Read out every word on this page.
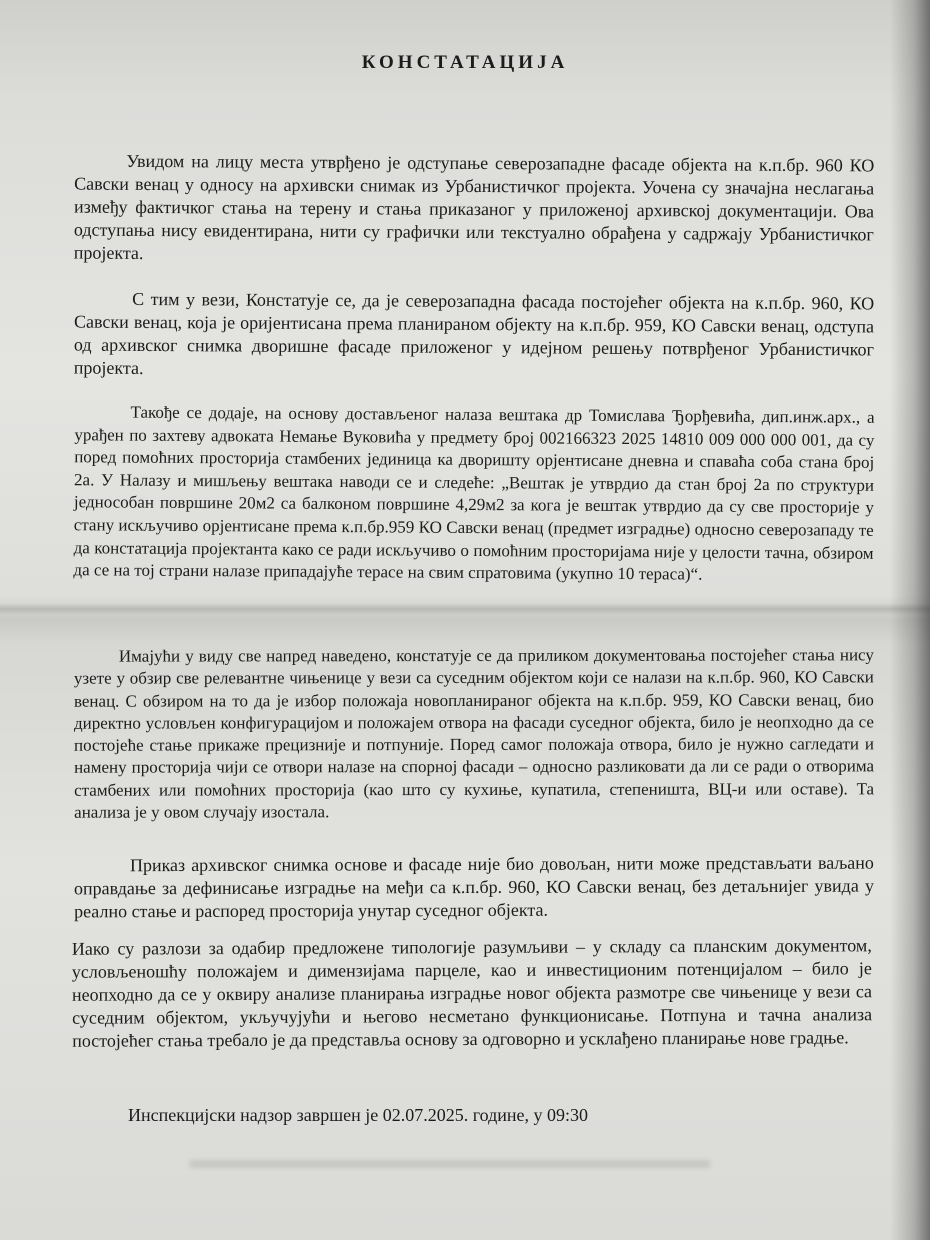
КОНСТАТАЦИЈА
Увидом на лицу места утврђено је одступање северозападне фасаде објекта на к.п.бр. 960 КО Савски венац у односу на архивски снимак из Урбанистичког пројекта. Уочена су значајна неслагања између фактичког стања на терену и стања приказаног у приложеној архивској документацији. Ова одступања нису евидентирана, нити су графички или текстуално обрађена у садржају Урбанистичког пројекта.
С тим у вези, Констатује се, да је северозападна фасада постојећег објекта на к.п.бр. 960, КО Савски венац, која је оријентисана према планираном објекту на к.п.бр. 959, КО Савски венац, одступа од архивског снимка дворишне фасаде приложеног у идејном решењу потврђеног Урбанистичког пројекта.
Такође се додаје, на основу достављеног налаза вештака др Томислава Ђорђевића, дип.инж.арх., а урађен по захтеву адвоката Немање Вуковића у предмету број 002166323 2025 14810 009 000 000 001, да су поред помоћних просторија стамбених јединица ка дворишту орјентисане дневна и спаваћа соба стана број 2а. У Налазу и мишљењу вештака наводи се и следеће: „Вештак је утврдио да стан број 2а по структури једнособан површине 20м2 са балконом површине 4,29м2 за кога је вештак утврдио да су све просторије у стану искључиво орјентисане према к.п.бр.959 КО Савски венац (предмет изградње) односно северозападу те да констатација пројектанта како се ради искључиво о помоћним просторијама није у целости тачна, обзиром да се на тој страни налазе припадајуће терасе на свим спратовима (укупно 10 тераса)“.
Имајући у виду све напред наведено, констатује се да приликом документовања постојећег стања нису узете у обзир све релевантне чињенице у вези са суседним објектом који се налази на к.п.бр. 960, КО Савски венац. С обзиром на то да је избор положаја новопланираног објекта на к.п.бр. 959, КО Савски венац, био директно условљен конфигурацијом и положајем отвора на фасади суседног објекта, било је неопходно да се постојеће стање прикаже прецизније и потпуније. Поред самог положаја отвора, било је нужно сагледати и намену просторија чији се отвори налазе на спорној фасади – односно разликовати да ли се ради о отворима стамбених или помоћних просторија (као што су кухиње, купатила, степеништа, ВЦ-и или оставе). Та анализа је у овом случају изостала.
Приказ архивског снимка основе и фасаде није био довољан, нити може представљати ваљано оправдање за дефинисање изградње на међи са к.п.бр. 960, КО Савски венац, без детаљнијег увида у реално стање и распоред просторија унутар суседног објекта.
Иако су разлози за одабир предложене типологије разумљиви – у складу са планским документом, условљеношћу положајем и димензијама парцеле, као и инвестиционим потенцијалом – било је неопходно да се у оквиру анализе планирања изградње новог објекта размотре све чињенице у вези са суседним објектом, укључујући и његово несметано функционисање. Потпуна и тачна анализа постојећег стања требало је да представља основу за одговорно и усклађено планирање нове градње.
Инспекцијски надзор завршен је 02.07.2025. године, у 09:30
